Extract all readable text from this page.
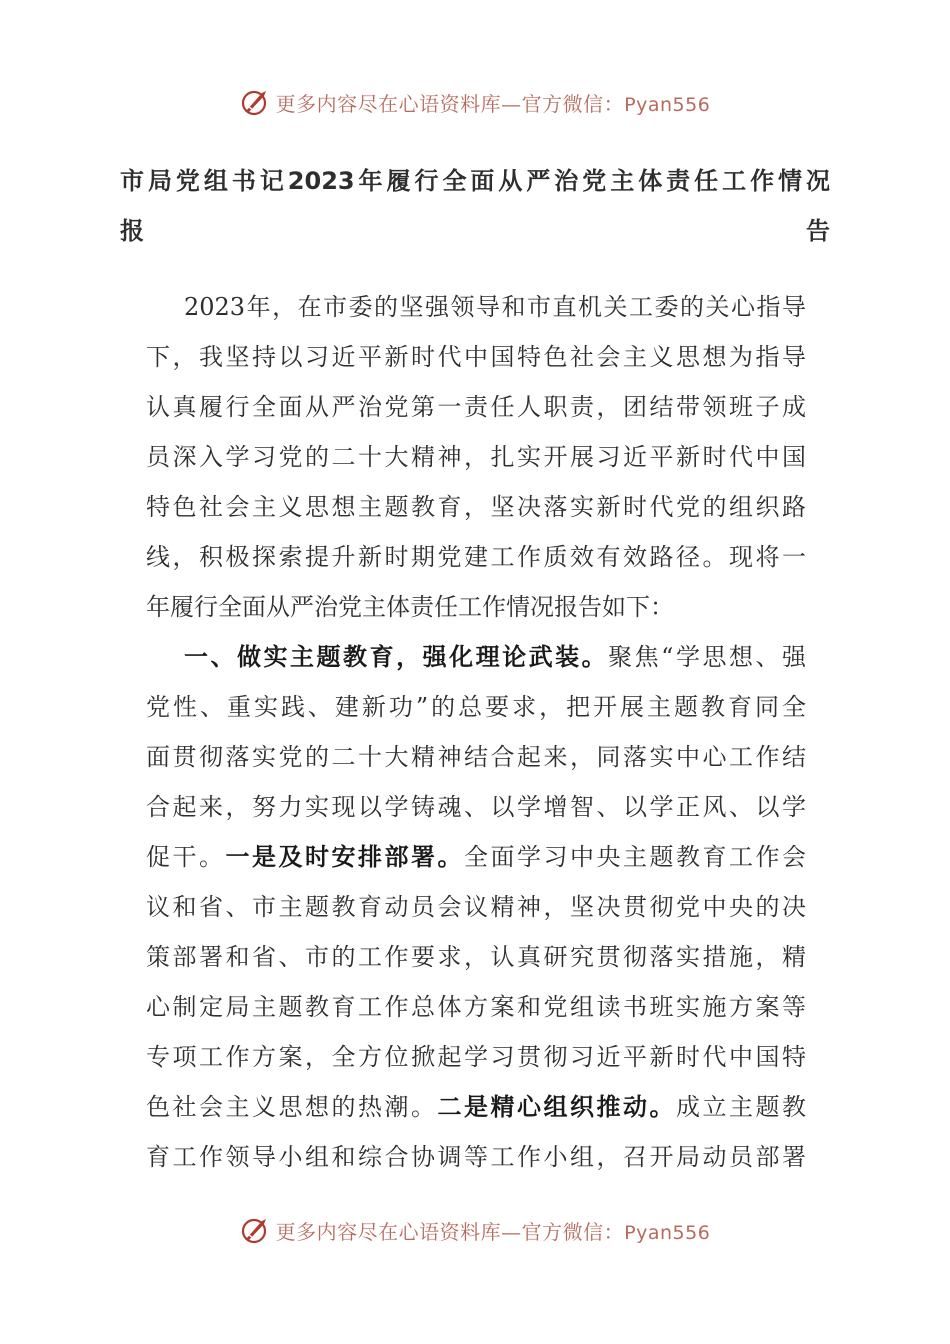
更多内容尽在心语资料库—官方微信：Pyan556
市局党组书记2023年履行全面从严治党主体责任工作情况
报告
2023年，在市委的坚强领导和市直机关工委的关心指导
下，我坚持以习近平新时代中国特色社会主义思想为指导
认真履行全面从严治党第一责任人职责，团结带领班子成
员深入学习党的二十大精神，扎实开展习近平新时代中国
特色社会主义思想主题教育，坚决落实新时代党的组织路
线，积极探索提升新时期党建工作质效有效路径。现将一
年履行全面从严治党主体责任工作情况报告如下：
一、做实主题教育，强化理论武装。聚焦“学思想、强
党性、重实践、建新功”的总要求，把开展主题教育同全
面贯彻落实党的二十大精神结合起来，同落实中心工作结
合起来，努力实现以学铸魂、以学增智、以学正风、以学
促干。一是及时安排部署。全面学习中央主题教育工作会
议和省、市主题教育动员会议精神，坚决贯彻党中央的决
策部署和省、市的工作要求，认真研究贯彻落实措施，精
心制定局主题教育工作总体方案和党组读书班实施方案等
专项工作方案，全方位掀起学习贯彻习近平新时代中国特
色社会主义思想的热潮。二是精心组织推动。成立主题教
育工作领导小组和综合协调等工作小组，召开局动员部署
更多内容尽在心语资料库—官方微信：Pyan556
